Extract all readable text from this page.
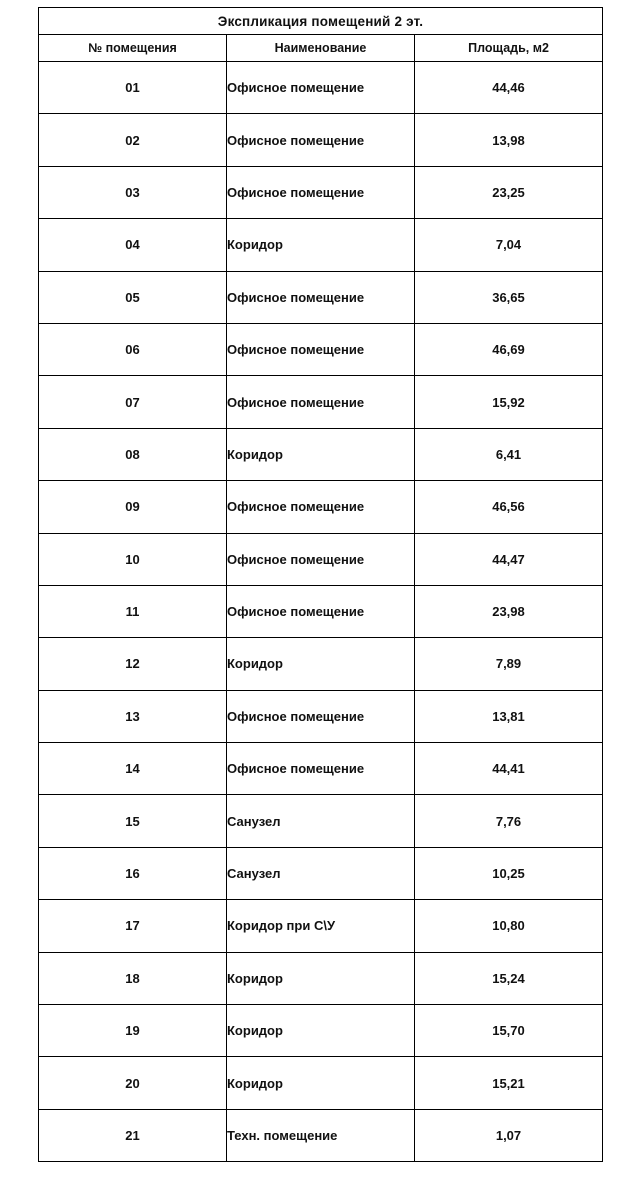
Экспликация помещений 2 эт.		
№ помещения	Наименование	Площадь, м2
01	Офисное помещение	44,46
02	Офисное помещение	13,98
03	Офисное помещение	23,25
04	Коридор	7,04
05	Офисное помещение	36,65
06	Офисное помещение	46,69
07	Офисное помещение	15,92
08	Коридор	6,41
09	Офисное помещение	46,56
10	Офисное помещение	44,47
11	Офисное помещение	23,98
12	Коридор	7,89
13	Офисное помещение	13,81
14	Офисное помещение	44,41
15	Санузел	7,76
16	Санузел	10,25
17	Коридор при С\У	10,80
18	Коридор	15,24
19	Коридор	15,70
20	Коридор	15,21
21	Техн. помещение	1,07
